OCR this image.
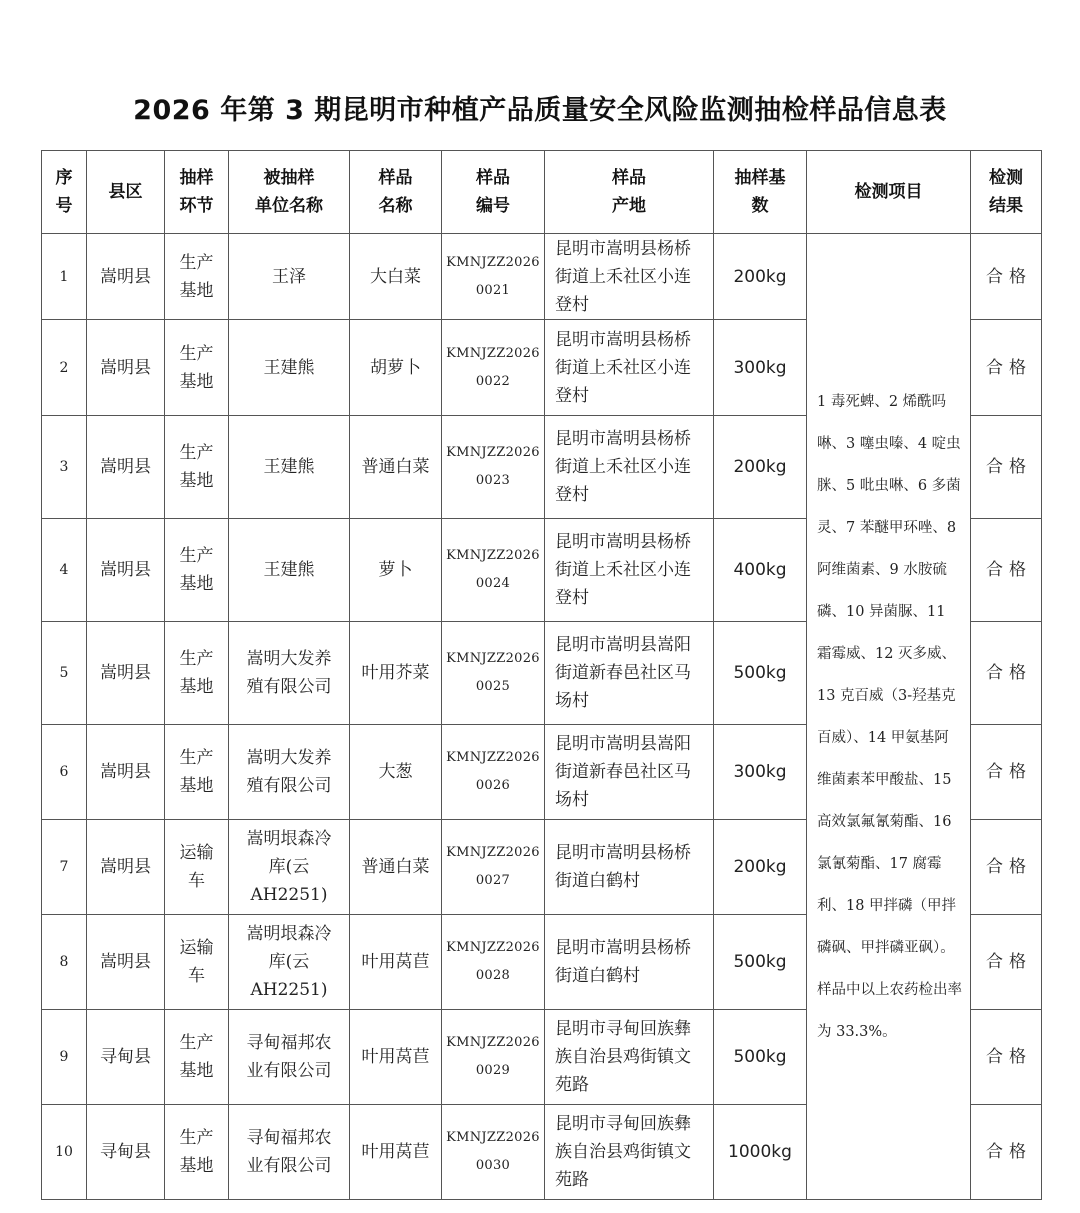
2026 年第 3 期昆明市种植产品质量安全风险监测抽检样品信息表
序
号	县区	抽样
环节	被抽样
单位名称	样品
名称	样品
编号	样品
产地	抽样基
数	检测项目	检测
结果
1	嵩明县	生产
基地	王泽	大白菜	KMNJZZ2026
0021	昆明市嵩明县杨桥
街道上禾社区小连
登村	200kg	1 毒死蜱、2 烯酰吗啉、3 噻虫嗪、4 啶虫脒、5 吡虫啉、6 多菌灵、7 苯醚甲环唑、8 阿维菌素、9 水胺硫磷、10 异菌脲、11 霜霉威、12 灭多威、13 克百威（3-羟基克百威）、14 甲氨基阿维菌素苯甲酸盐、15 高效氯氟氰菊酯、16 氯氰菊酯、17 腐霉利、18 甲拌磷（甲拌磷砜、甲拌磷亚砜）。样品中以上农药检出率为 33.3%。	合格
2	嵩明县	生产
基地	王建熊	胡萝卜	KMNJZZ2026
0022	昆明市嵩明县杨桥
街道上禾社区小连
登村	300kg		合格
3	嵩明县	生产
基地	王建熊	普通白菜	KMNJZZ2026
0023	昆明市嵩明县杨桥
街道上禾社区小连
登村	200kg		合格
4	嵩明县	生产
基地	王建熊	萝卜	KMNJZZ2026
0024	昆明市嵩明县杨桥
街道上禾社区小连
登村	400kg		合格
5	嵩明县	生产
基地	嵩明大发养
殖有限公司	叶用芥菜	KMNJZZ2026
0025	昆明市嵩明县嵩阳
街道新春邑社区马
场村	500kg		合格
6	嵩明县	生产
基地	嵩明大发养
殖有限公司	大葱	KMNJZZ2026
0026	昆明市嵩明县嵩阳
街道新春邑社区马
场村	300kg		合格
7	嵩明县	运输
车	嵩明垠森冷
库(云
AH2251)	普通白菜	KMNJZZ2026
0027	昆明市嵩明县杨桥
街道白鹤村	200kg		合格
8	嵩明县	运输
车	嵩明垠森冷
库(云
AH2251)	叶用莴苣	KMNJZZ2026
0028	昆明市嵩明县杨桥
街道白鹤村	500kg		合格
9	寻甸县	生产
基地	寻甸福邦农
业有限公司	叶用莴苣	KMNJZZ2026
0029	昆明市寻甸回族彝
族自治县鸡街镇文
苑路	500kg		合格
10	寻甸县	生产
基地	寻甸福邦农
业有限公司	叶用莴苣	KMNJZZ2026
0030	昆明市寻甸回族彝
族自治县鸡街镇文
苑路	1000kg		合格
